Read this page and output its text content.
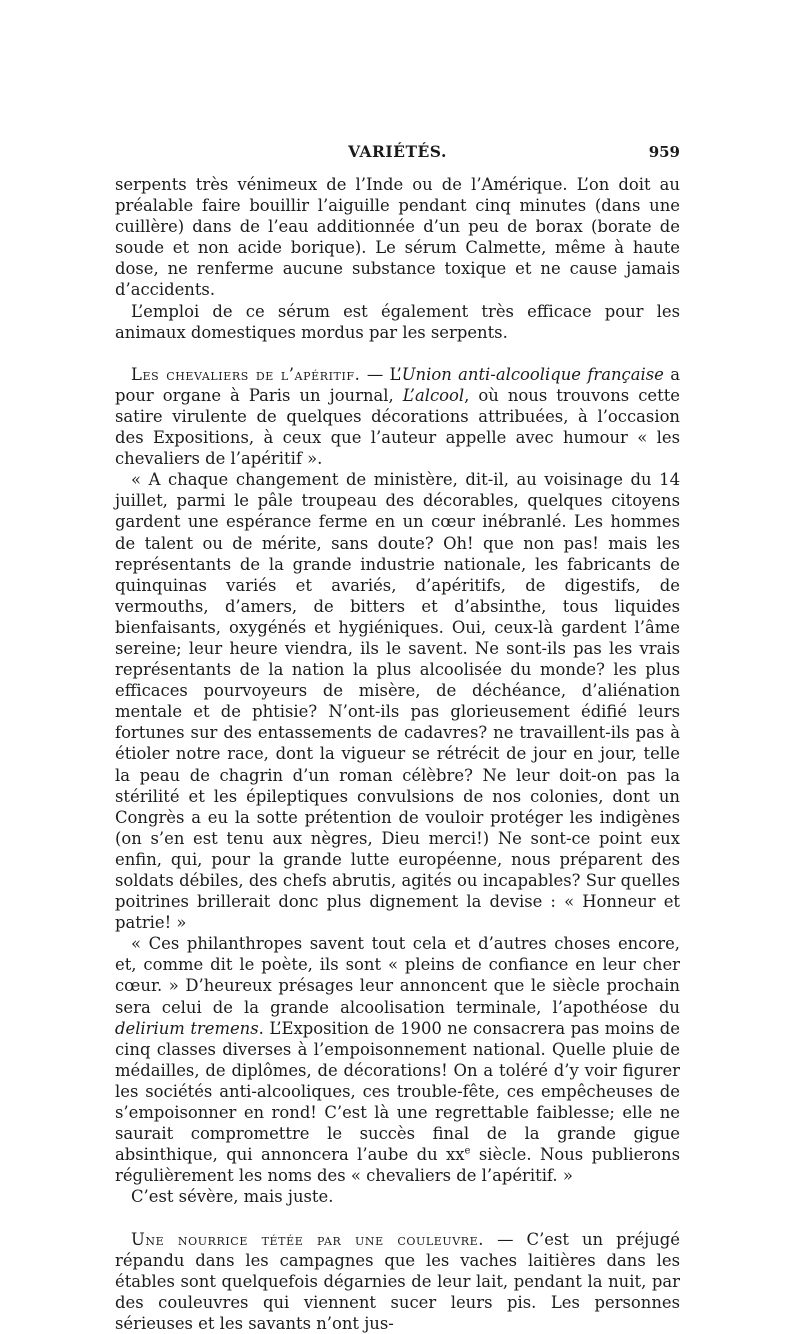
VARIÉTÉS.	959

serpents très vénimeux de l’Inde ou de l’Amérique. L’on doit au préalable faire bouillir l’aiguille pendant cinq minutes (dans une cuillère) dans de l’eau additionnée d’un peu de borax (borate de soude et non acide borique). Le sérum Calmette, même à haute dose, ne renferme aucune substance toxique et ne cause jamais d’accidents.

L’emploi de ce sérum est également très efficace pour les animaux domestiques mordus par les serpents.

Les chevaliers de l’apéritif. — L’Union anti-alcoolique française a pour organe à Paris un journal, L’alcool, où nous trouvons cette satire virulente de quelques décorations attribuées, à l’occasion des Expositions, à ceux que l’auteur appelle avec humour « les chevaliers de l’apéritif ».

« A chaque changement de ministère, dit-il, au voisinage du 14 juillet, parmi le pâle troupeau des décorables, quelques citoyens gardent une espérance ferme en un cœur inébranlé. Les hommes de talent ou de mérite, sans doute? Oh! que non pas! mais les représentants de la grande industrie nationale, les fabricants de quinquinas variés et avariés, d’apéritifs, de digestifs, de vermouths, d’amers, de bitters et d’absinthe, tous liquides bienfaisants, oxygénés et hygiéniques. Oui, ceux-là gardent l’âme sereine; leur heure viendra, ils le savent. Ne sont-ils pas les vrais représentants de la nation la plus alcoolisée du monde? les plus efficaces pourvoyeurs de misère, de déchéance, d’aliénation mentale et de phtisie? N’ont-ils pas glorieusement édifié leurs fortunes sur des entassements de cadavres? ne travaillent-ils pas à étioler notre race, dont la vigueur se rétrécit de jour en jour, telle la peau de chagrin d’un roman célèbre? Ne leur doit-on pas la stérilité et les épileptiques convulsions de nos colonies, dont un Congrès a eu la sotte prétention de vouloir protéger les indigènes (on s’en est tenu aux nègres, Dieu merci!) Ne sont-ce point eux enfin, qui, pour la grande lutte européenne, nous préparent des soldats débiles, des chefs abrutis, agités ou incapables? Sur quelles poitrines brillerait donc plus dignement la devise : « Honneur et patrie! »

« Ces philanthropes savent tout cela et d’autres choses encore, et, comme dit le poète, ils sont « pleins de confiance en leur cher cœur. » D’heureux présages leur annoncent que le siècle prochain sera celui de la grande alcoolisation terminale, l’apothéose du delirium tremens. L’Exposition de 1900 ne consacrera pas moins de cinq classes diverses à l’empoisonnement national. Quelle pluie de médailles, de diplômes, de décorations! On a toléré d’y voir figurer les sociétés anti-alcooliques, ces trouble-fête, ces empêcheuses de s’empoisonner en rond! C’est là une regrettable faiblesse; elle ne saurait compromettre le succès final de la grande gigue absinthique, qui annoncera l’aube du $xx^e$ siècle. Nous publierons régulièrement les noms des « chevaliers de l’apéritif. »

C’est sévère, mais juste.

Une nourrice tétée par une couleuvre. — C’est un préjugé répandu dans les campagnes que les vaches laitières dans les étables sont quelquefois dégarnies de leur lait, pendant la nuit, par des couleuvres qui viennent sucer leurs pis. Les personnes sérieuses et les savants n’ont jus-
